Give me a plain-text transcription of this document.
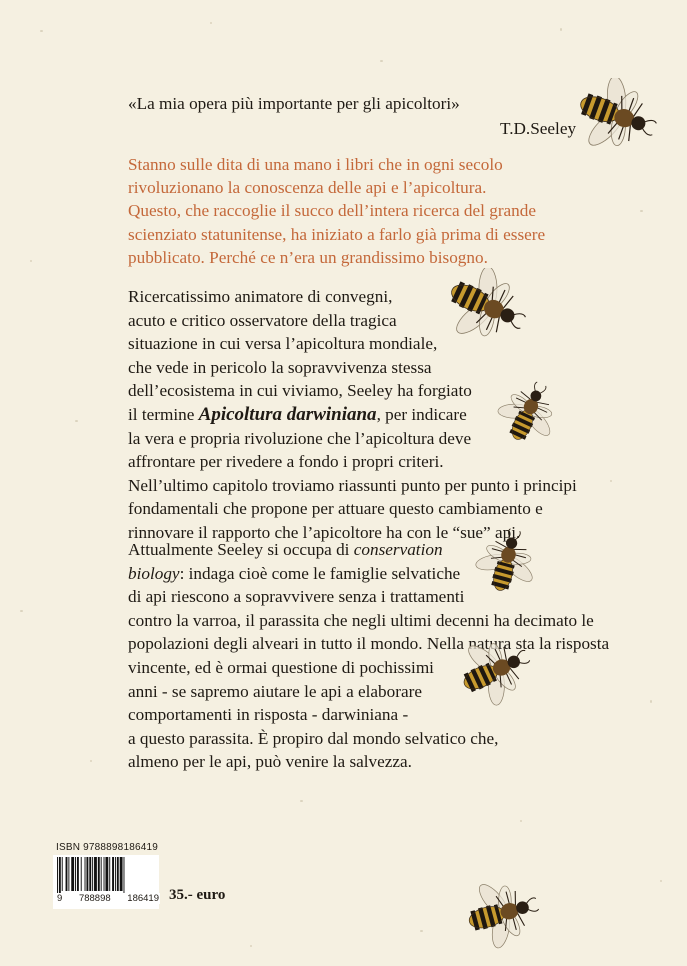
«La mia opera più importante per gli apicoltori»
T.D.Seeley
Stanno sulle dita di una mano i libri che in ogni secolo
rivoluzionano la conoscenza delle api e l’apicoltura.
Questo, che raccoglie il succo dell’intera ricerca del grande
scienziato statunitense, ha iniziato a farlo già prima di essere
pubblicato. Perché ce n’era un grandissimo bisogno.
Ricercatissimo animatore di convegni,
acuto e critico osservatore della tragica
situazione in cui versa l’apicoltura mondiale,
che vede in pericolo la sopravvivenza stessa
dell’ecosistema in cui viviamo, Seeley ha forgiato
il termine Apicoltura darwiniana, per indicare
la vera e propria rivoluzione che l’apicoltura deve
affrontare per rivedere a fondo i propri criteri.
Nell’ultimo capitolo troviamo riassunti punto per punto i principi
fondamentali che propone per attuare questo cambiamento e
rinnovare il rapporto che l’apicoltore ha con le “sue” api.
Attualmente Seeley si occupa di conservation
biology: indaga cioè come le famiglie selvatiche
di api riescono a sopravvivere senza i trattamenti
contro la varroa, il parassita che negli ultimi decenni ha decimato le
popolazioni degli alveari in tutto il mondo. Nella natura sta la risposta
vincente, ed è ormai questione di pochissimi
anni - se sapremo aiutare le api a elaborare
comportamenti in risposta - darwiniana -
a questo parassita. È propiro dal mondo selvatico che,
almeno per le api, può venire la salvezza.
ISBN 9788898186419
9 788898 186419 35.- euro
